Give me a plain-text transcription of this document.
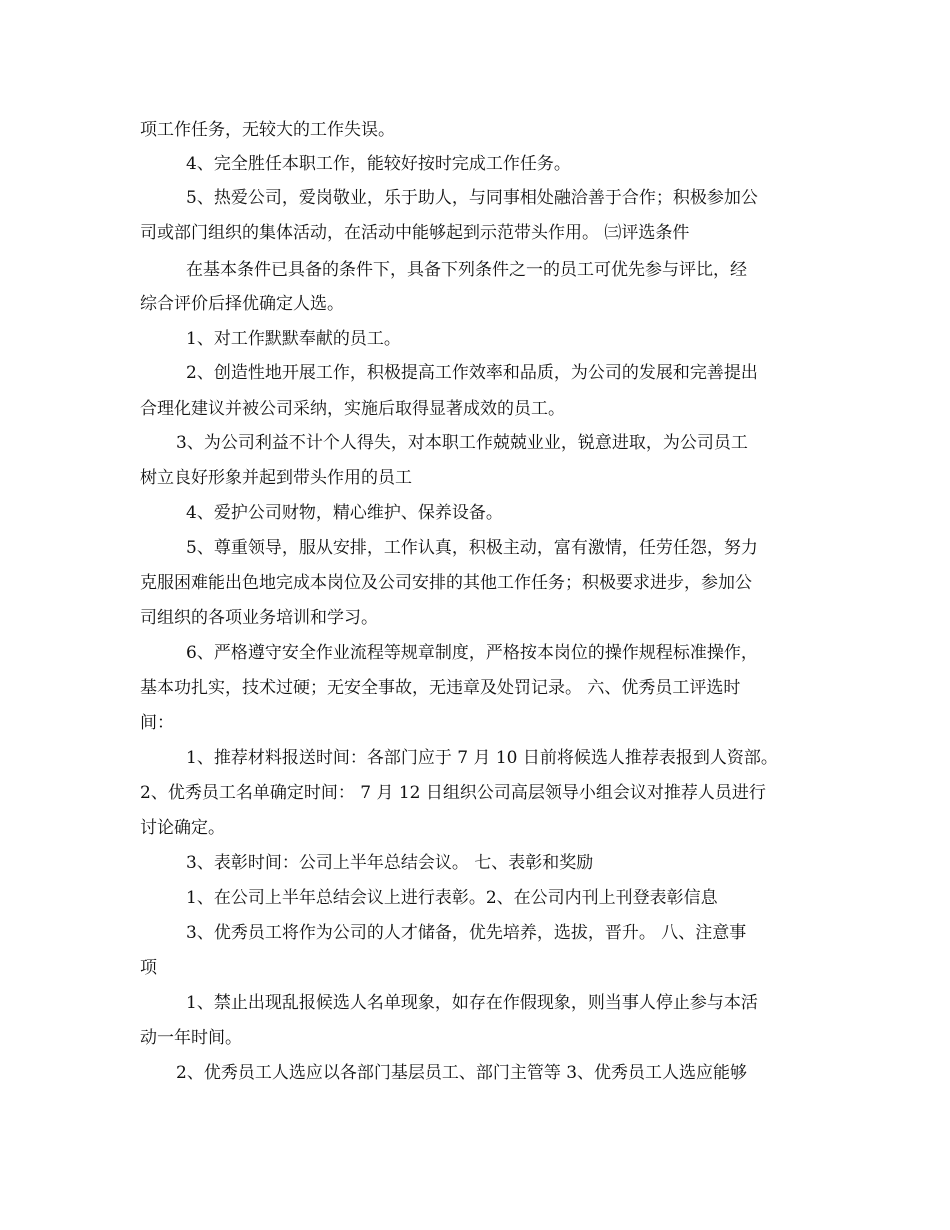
项工作任务，无较大的工作失误。

4、完全胜任本职工作，能较好按时完成工作任务。

5、热爱公司，爱岗敬业，乐于助人，与同事相处融洽善于合作；积极参加公

司或部门组织的集体活动，在活动中能够起到示范带头作用。 ㈢评选条件

在基本条件已具备的条件下，具备下列条件之一的员工可优先参与评比，经

综合评价后择优确定人选。

1、对工作默默奉献的员工。

2、创造性地开展工作，积极提高工作效率和品质，为公司的发展和完善提出

合理化建议并被公司采纳，实施后取得显著成效的员工。

3、为公司利益不计个人得失，对本职工作兢兢业业，锐意进取，为公司员工

树立良好形象并起到带头作用的员工

4、爱护公司财物，精心维护、保养设备。

5、尊重领导，服从安排，工作认真，积极主动，富有激情，任劳任怨，努力

克服困难能出色地完成本岗位及公司安排的其他工作任务；积极要求进步，参加公

司组织的各项业务培训和学习。

6、严格遵守安全作业流程等规章制度，严格按本岗位的操作规程标准操作，

基本功扎实，技术过硬；无安全事故，无违章及处罚记录。 六、优秀员工评选时

间：

1、推荐材料报送时间：各部门应于 7 月 10 日前将候选人推荐表报到人资部。

2、优秀员工名单确定时间： 7 月 12 日组织公司高层领导小组会议对推荐人员进行

讨论确定。

3、表彰时间：公司上半年总结会议。 七、表彰和奖励

1、在公司上半年总结会议上进行表彰。2、在公司内刊上刊登表彰信息

3、优秀员工将作为公司的人才储备，优先培养，选拔，晋升。 八、注意事

项

1、禁止出现乱报候选人名单现象，如存在作假现象，则当事人停止参与本活

动一年时间。

2、优秀员工人选应以各部门基层员工、部门主管等 3、优秀员工人选应能够
